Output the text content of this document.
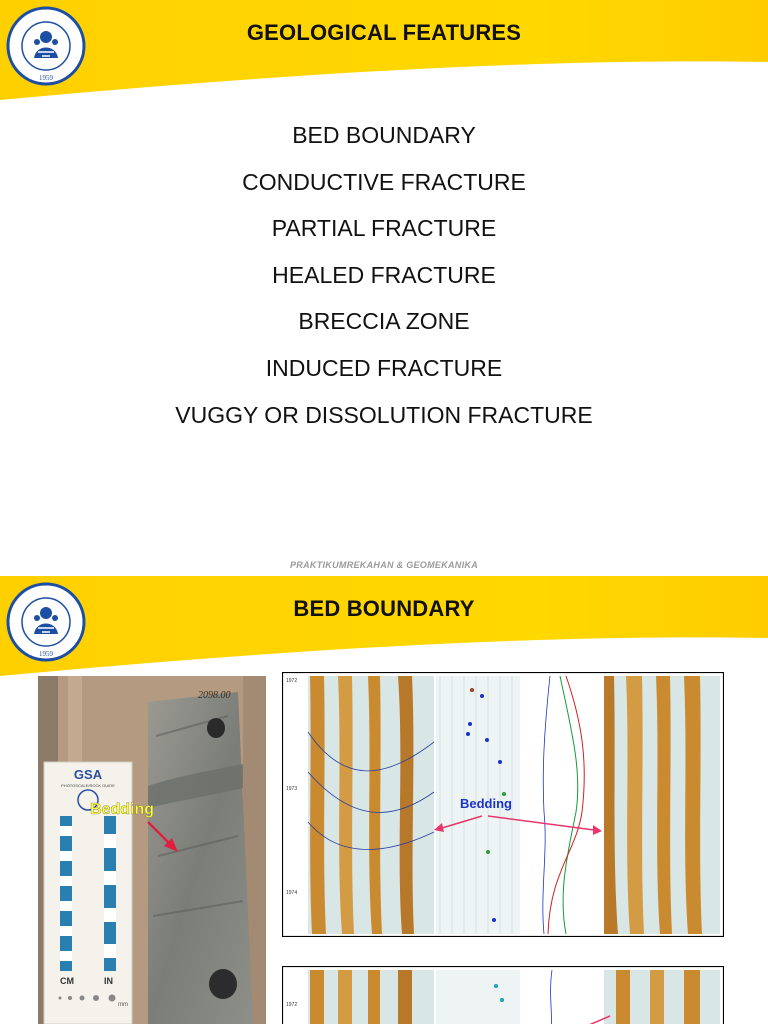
1959
GEOLOGICAL FEATURES
BED BOUNDARY
CONDUCTIVE FRACTURE
PARTIAL FRACTURE
HEALED FRACTURE
BRECCIA ZONE
INDUCED FRACTURE
VUGGY OR DISSOLUTION FRACTURE
PRAKTIKUMREKAHAN & GEOMEKANIKA
1959
BED BOUNDARY
2098.00
GSA
PHOTOSCALE/ROCK GUIDE
CM	IN
mm
Bedding
1972
1973
1974
Bedding
1972
